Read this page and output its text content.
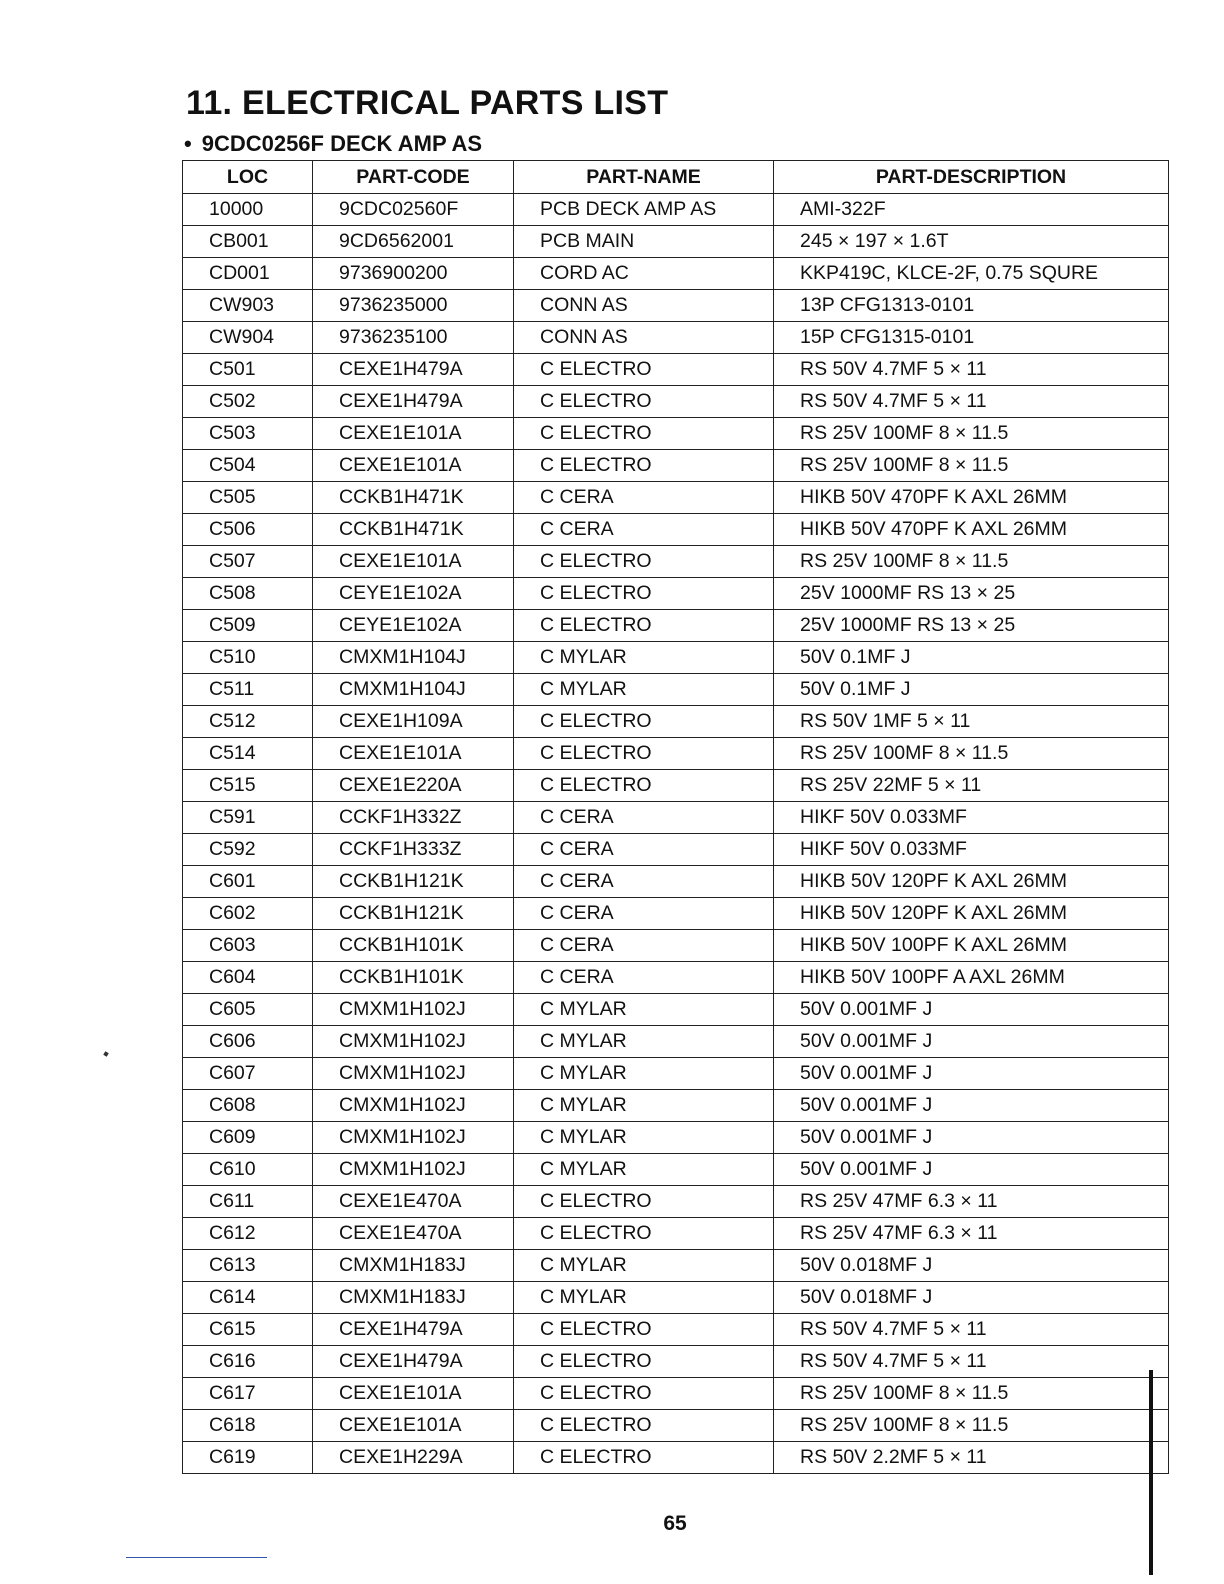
11. ELECTRICAL PARTS LIST
• 9CDC0256F DECK AMP AS
LOC	PART-CODE	PART-NAME	PART-DESCRIPTION
10000	9CDC02560F	PCB DECK AMP AS	AMI-322F
CB001	9CD6562001	PCB MAIN	245 × 197 × 1.6T
CD001	9736900200	CORD AC	KKP419C, KLCE-2F, 0.75 SQURE
CW903	9736235000	CONN AS	13P CFG1313-0101
CW904	9736235100	CONN AS	15P CFG1315-0101
C501	CEXE1H479A	C ELECTRO	RS 50V 4.7MF 5 × 11
C502	CEXE1H479A	C ELECTRO	RS 50V 4.7MF 5 × 11
C503	CEXE1E101A	C ELECTRO	RS 25V 100MF 8 × 11.5
C504	CEXE1E101A	C ELECTRO	RS 25V 100MF 8 × 11.5
C505	CCKB1H471K	C CERA	HIKB 50V 470PF K AXL 26MM
C506	CCKB1H471K	C CERA	HIKB 50V 470PF K AXL 26MM
C507	CEXE1E101A	C ELECTRO	RS 25V 100MF 8 × 11.5
C508	CEYE1E102A	C ELECTRO	25V 1000MF RS 13 × 25
C509	CEYE1E102A	C ELECTRO	25V 1000MF RS 13 × 25
C510	CMXM1H104J	C MYLAR	50V 0.1MF J
C511	CMXM1H104J	C MYLAR	50V 0.1MF J
C512	CEXE1H109A	C ELECTRO	RS 50V 1MF 5 × 11
C514	CEXE1E101A	C ELECTRO	RS 25V 100MF 8 × 11.5
C515	CEXE1E220A	C ELECTRO	RS 25V 22MF 5 × 11
C591	CCKF1H332Z	C CERA	HIKF 50V 0.033MF
C592	CCKF1H333Z	C CERA	HIKF 50V 0.033MF
C601	CCKB1H121K	C CERA	HIKB 50V 120PF K AXL 26MM
C602	CCKB1H121K	C CERA	HIKB 50V 120PF K AXL 26MM
C603	CCKB1H101K	C CERA	HIKB 50V 100PF K AXL 26MM
C604	CCKB1H101K	C CERA	HIKB 50V 100PF A AXL 26MM
C605	CMXM1H102J	C MYLAR	50V 0.001MF J
C606	CMXM1H102J	C MYLAR	50V 0.001MF J
C607	CMXM1H102J	C MYLAR	50V 0.001MF J
C608	CMXM1H102J	C MYLAR	50V 0.001MF J
C609	CMXM1H102J	C MYLAR	50V 0.001MF J
C610	CMXM1H102J	C MYLAR	50V 0.001MF J
C611	CEXE1E470A	C ELECTRO	RS 25V 47MF 6.3 × 11
C612	CEXE1E470A	C ELECTRO	RS 25V 47MF 6.3 × 11
C613	CMXM1H183J	C MYLAR	50V 0.018MF J
C614	CMXM1H183J	C MYLAR	50V 0.018MF J
C615	CEXE1H479A	C ELECTRO	RS 50V 4.7MF 5 × 11
C616	CEXE1H479A	C ELECTRO	RS 50V 4.7MF 5 × 11
C617	CEXE1E101A	C ELECTRO	RS 25V 100MF 8 × 11.5
C618	CEXE1E101A	C ELECTRO	RS 25V 100MF 8 × 11.5
C619	CEXE1H229A	C ELECTRO	RS 50V 2.2MF 5 × 11
65
